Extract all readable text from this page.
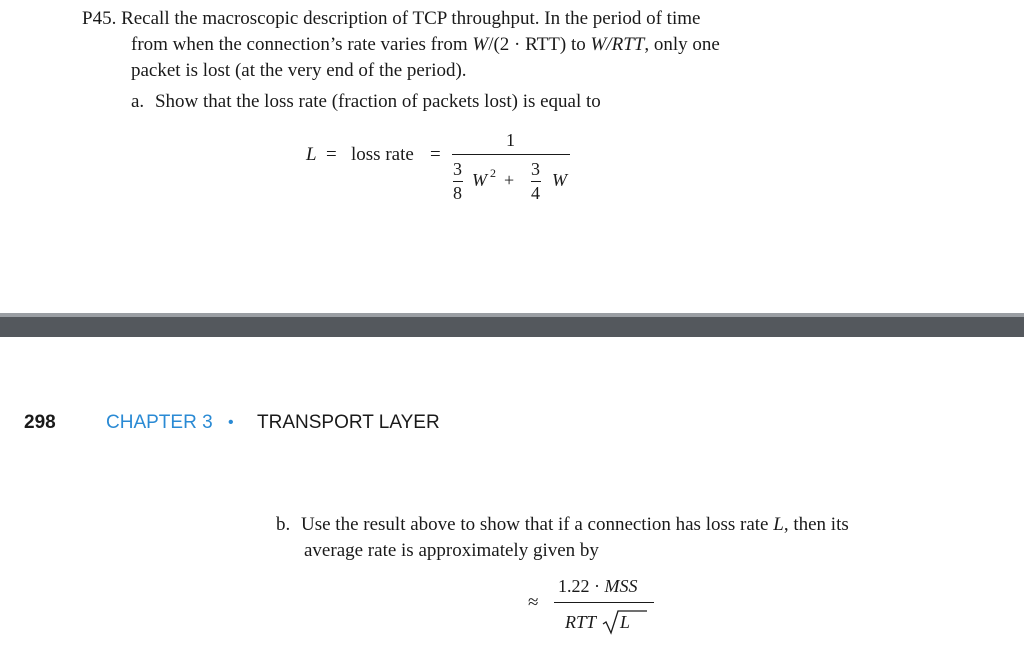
P45. Recall the macroscopic description of TCP throughput. In the period of time
from when the connection’s rate varies from W/(2 · RTT) to W/RTT, only one
packet is lost (at the very end of the period).
a. Show that the loss rate (fraction of packets lost) is equal to
L = loss rate =
1
3
8
W 2 +
3
4
W
298	CHAPTER 3 • TRANSPORT LAYER
b. Use the result above to show that if a connection has loss rate L, then its
average rate is approximately given by
≈
1.22 · MSS
RTT L
